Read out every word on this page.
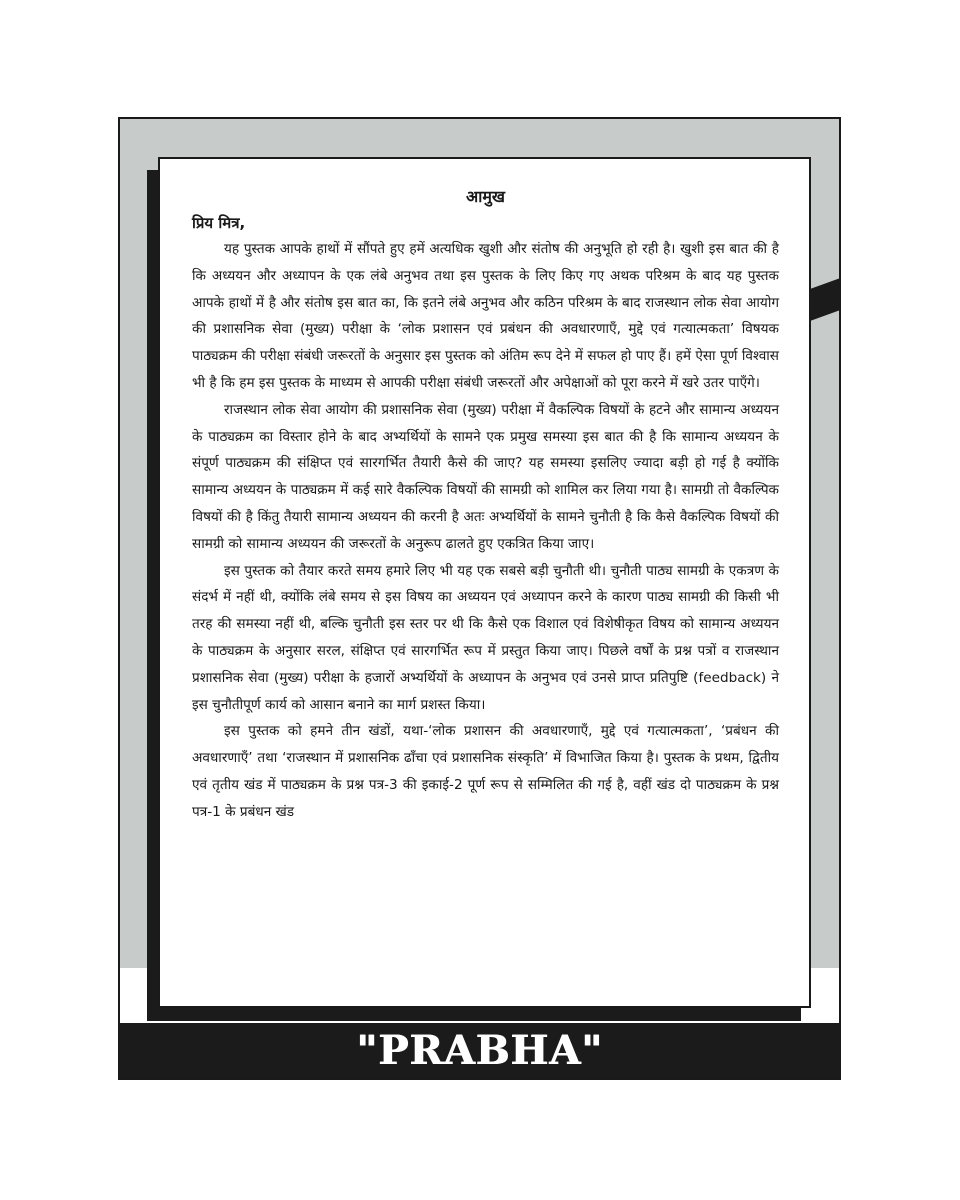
"PRABHA"
आमुख
प्रिय मित्र,

यह पुस्तक आपके हाथों में सौंपते हुए हमें अत्यधिक खुशी और संतोष की अनुभूति हो रही है। खुशी इस बात की है कि अध्ययन और अध्यापन के एक लंबे अनुभव तथा इस पुस्तक के लिए किए गए अथक परिश्रम के बाद यह पुस्तक आपके हाथों में है और संतोष इस बात का, कि इतने लंबे अनुभव और कठिन परिश्रम के बाद राजस्थान लोक सेवा आयोग की प्रशासनिक सेवा (मुख्य) परीक्षा के ‘लोक प्रशासन एवं प्रबंधन की अवधारणाएँ, मुद्दे एवं गत्यात्मकता’ विषयक पाठ्यक्रम की परीक्षा संबंधी जरूरतों के अनुसार इस पुस्तक को अंतिम रूप देने में सफल हो पाए हैं। हमें ऐसा पूर्ण विश्वास भी है कि हम इस पुस्तक के माध्यम से आपकी परीक्षा संबंधी जरूरतों और अपेक्षाओं को पूरा करने में खरे उतर पाएँगे।

राजस्थान लोक सेवा आयोग की प्रशासनिक सेवा (मुख्य) परीक्षा में वैकल्पिक विषयों के हटने और सामान्य अध्ययन के पाठ्यक्रम का विस्तार होने के बाद अभ्यर्थियों के सामने एक प्रमुख समस्या इस बात की है कि सामान्य अध्ययन के संपूर्ण पाठ्यक्रम की संक्षिप्त एवं सारगर्भित तैयारी कैसे की जाए? यह समस्या इसलिए ज्यादा बड़ी हो गई है क्योंकि सामान्य अध्ययन के पाठ्यक्रम में कई सारे वैकल्पिक विषयों की सामग्री को शामिल कर लिया गया है। सामग्री तो वैकल्पिक विषयों की है किंतु तैयारी सामान्य अध्ययन की करनी है अतः अभ्यर्थियों के सामने चुनौती है कि कैसे वैकल्पिक विषयों की सामग्री को सामान्य अध्ययन की जरूरतों के अनुरूप ढालते हुए एकत्रित किया जाए।

इस पुस्तक को तैयार करते समय हमारे लिए भी यह एक सबसे बड़ी चुनौती थी। चुनौती पाठ्य सामग्री के एकत्रण के संदर्भ में नहीं थी, क्योंकि लंबे समय से इस विषय का अध्ययन एवं अध्यापन करने के कारण पाठ्य सामग्री की किसी भी तरह की समस्या नहीं थी, बल्कि चुनौती इस स्तर पर थी कि कैसे एक विशाल एवं विशेषीकृत विषय को सामान्य अध्ययन के पाठ्यक्रम के अनुसार सरल, संक्षिप्त एवं सारगर्भित रूप में प्रस्तुत किया जाए। पिछले वर्षों के प्रश्न पत्रों व राजस्थान प्रशासनिक सेवा (मुख्य) परीक्षा के हजारों अभ्यर्थियों के अध्यापन के अनुभव एवं उनसे प्राप्त प्रतिपुष्टि (feedback) ने इस चुनौतीपूर्ण कार्य को आसान बनाने का मार्ग प्रशस्त किया।

इस पुस्तक को हमने तीन खंडों, यथा-‘लोक प्रशासन की अवधारणाएँ, मुद्दे एवं गत्यात्मकता’, ‘प्रबंधन की अवधारणाएँ’ तथा ‘राजस्थान में प्रशासनिक ढाँचा एवं प्रशासनिक संस्कृति’ में विभाजित किया है। पुस्तक के प्रथम, द्वितीय एवं तृतीय खंड में पाठ्यक्रम के प्रश्न पत्र-3 की इकाई-2 पूर्ण रूप से सम्मिलित की गई है, वहीं खंड दो पाठ्यक्रम के प्रश्न पत्र-1 के प्रबंधन खंड
